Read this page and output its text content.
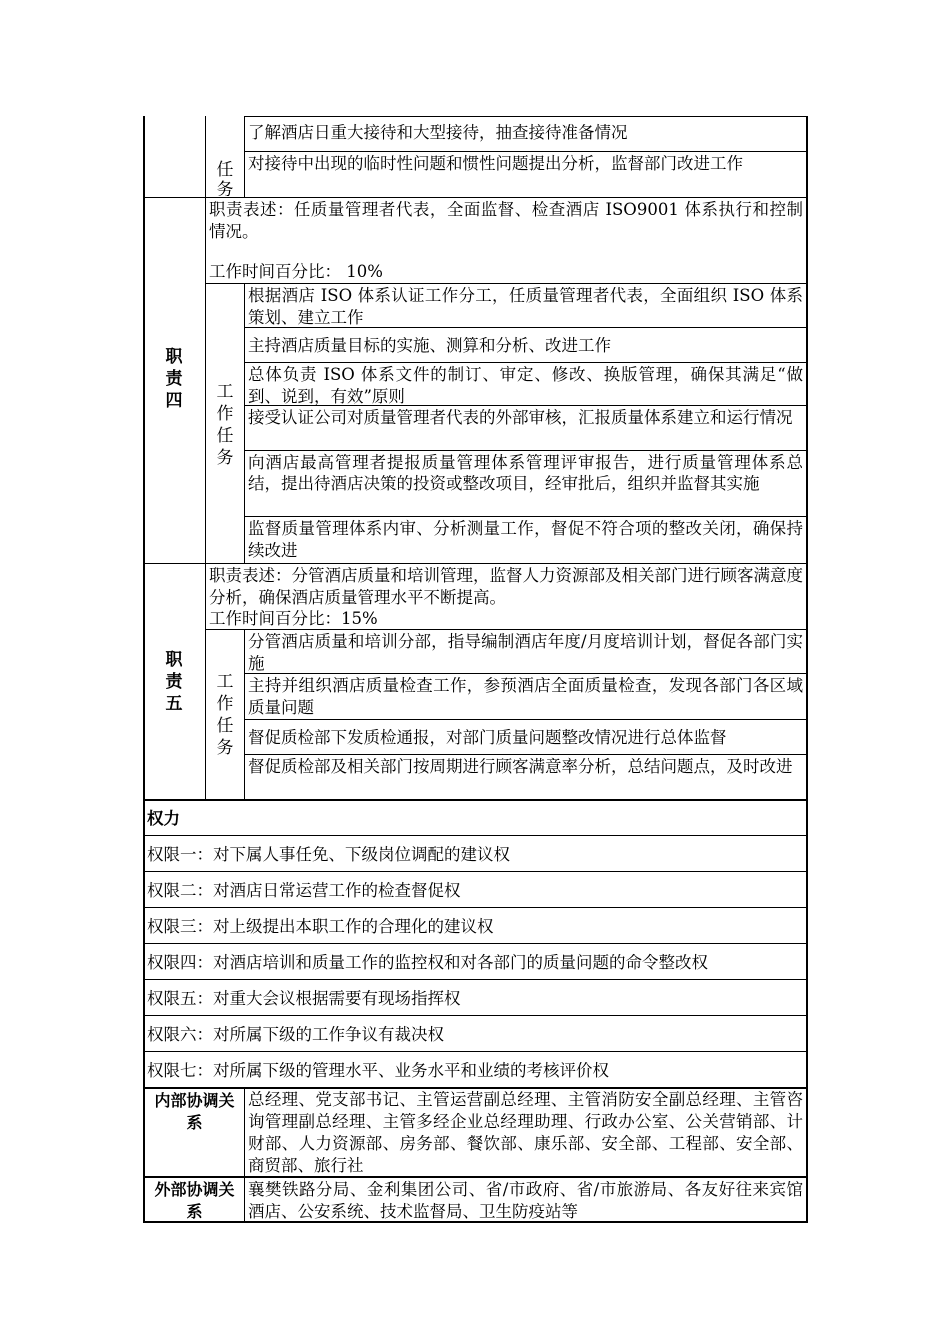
任务
了解酒店日重大接待和大型接待，抽查接待准备情况
对接待中出现的临时性问题和惯性问题提出分析，监督部门改进工作
职责四
职责表述：任质量管理者代表，全面监督、检查酒店 ISO9001 体系执行和控制情况。
工作时间百分比： 10%
工作任务
根据酒店 ISO 体系认证工作分工，任质量管理者代表，全面组织 ISO 体系策划、建立工作
主持酒店质量目标的实施、测算和分析、改进工作
总体负责 ISO 体系文件的制订、审定、修改、换版管理，确保其满足“做到、说到，有效”原则
接受认证公司对质量管理者代表的外部审核，汇报质量体系建立和运行情况
向酒店最高管理者提报质量管理体系管理评审报告，进行质量管理体系总结，提出待酒店决策的投资或整改项目，经审批后，组织并监督其实施
监督质量管理体系内审、分析测量工作，督促不符合项的整改关闭，确保持续改进
职责五
职责表述：分管酒店质量和培训管理，监督人力资源部及相关部门进行顾客满意度分析，确保酒店质量管理水平不断提高。
工作时间百分比：15%
工作任务
分管酒店质量和培训分部，指导编制酒店年度/月度培训计划，督促各部门实施
主持并组织酒店质量检查工作，参预酒店全面质量检查，发现各部门各区域质量问题
督促质检部下发质检通报，对部门质量问题整改情况进行总体监督
督促质检部及相关部门按周期进行顾客满意率分析，总结问题点，及时改进
权力
权限一：对下属人事任免、下级岗位调配的建议权
权限二：对酒店日常运营工作的检查督促权
权限三：对上级提出本职工作的合理化的建议权
权限四：对酒店培训和质量工作的监控权和对各部门的质量问题的命令整改权
权限五：对重大会议根据需要有现场指挥权
权限六：对所属下级的工作争议有裁决权
权限七：对所属下级的管理水平、业务水平和业绩的考核评价权
内部协调关系
总经理、党支部书记、主管运营副总经理、主管消防安全副总经理、主管咨询管理副总经理、主管多经企业总经理助理、行政办公室、公关营销部、计财部、人力资源部、房务部、餐饮部、康乐部、安全部、工程部、安全部、商贸部、旅行社
外部协调关系
襄樊铁路分局、金利集团公司、省/市政府、省/市旅游局、各友好往来宾馆酒店、公安系统、技术监督局、卫生防疫站等
